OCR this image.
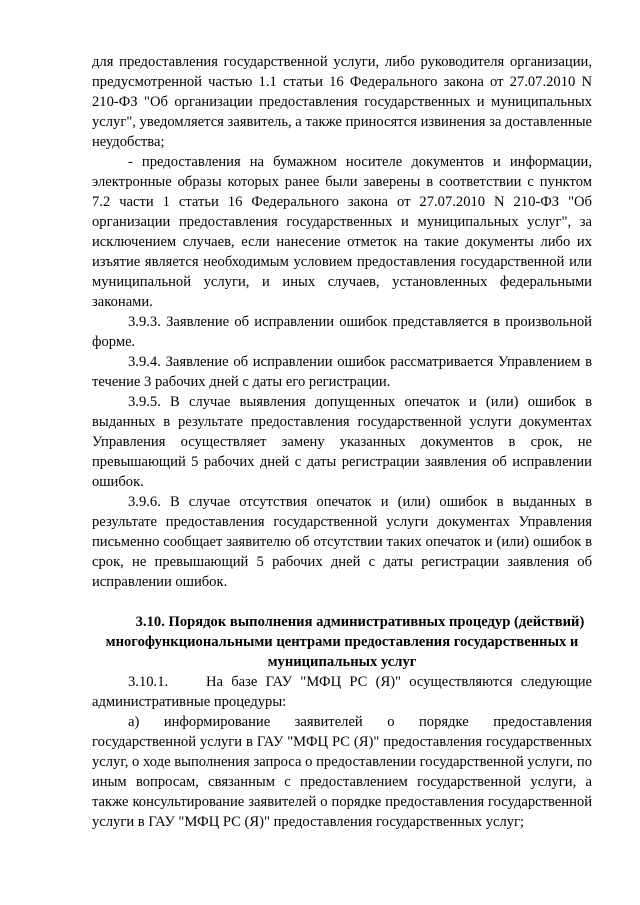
для предоставления государственной услуги, либо руководителя организации, предусмотренной частью 1.1 статьи 16 Федерального закона от 27.07.2010 N 210-ФЗ "Об организации предоставления государственных и муниципальных услуг", уведомляется заявитель, а также приносятся извинения за доставленные неудобства;

- предоставления на бумажном носителе документов и информации, электронные образы которых ранее были заверены в соответствии с пунктом 7.2 части 1 статьи 16 Федерального закона от 27.07.2010 N 210-ФЗ "Об организации предоставления государственных и муниципальных услуг", за исключением случаев, если нанесение отметок на такие документы либо их изъятие является необходимым условием предоставления государственной или муниципальной услуги, и иных случаев, установленных федеральными законами.

3.9.3. Заявление об исправлении ошибок представляется в произвольной форме.

3.9.4. Заявление об исправлении ошибок рассматривается Управлением в течение 3 рабочих дней с даты его регистрации.

3.9.5. В случае выявления допущенных опечаток и (или) ошибок в выданных в результате предоставления государственной услуги документах Управления осуществляет замену указанных документов в срок, не превышающий 5 рабочих дней с даты регистрации заявления об исправлении ошибок.

3.9.6. В случае отсутствия опечаток и (или) ошибок в выданных в результате предоставления государственной услуги документах Управления письменно сообщает заявителю об отсутствии таких опечаток и (или) ошибок в срок, не превышающий 5 рабочих дней с даты регистрации заявления об исправлении ошибок.

3.10. Порядок выполнения административных процедур (действий) многофункциональными центрами предоставления государственных и муниципальных услуг

3.10.1.	На базе ГАУ "МФЦ РС (Я)" осуществляются следующие административные процедуры:

а) информирование заявителей о порядке предоставления государственной услуги в ГАУ "МФЦ РС (Я)" предоставления государственных услуг, о ходе выполнения запроса о предоставлении государственной услуги, по иным вопросам, связанным с предоставлением государственной услуги, а также консультирование заявителей о порядке предоставления государственной услуги в ГАУ "МФЦ РС (Я)" предоставления государственных услуг;
